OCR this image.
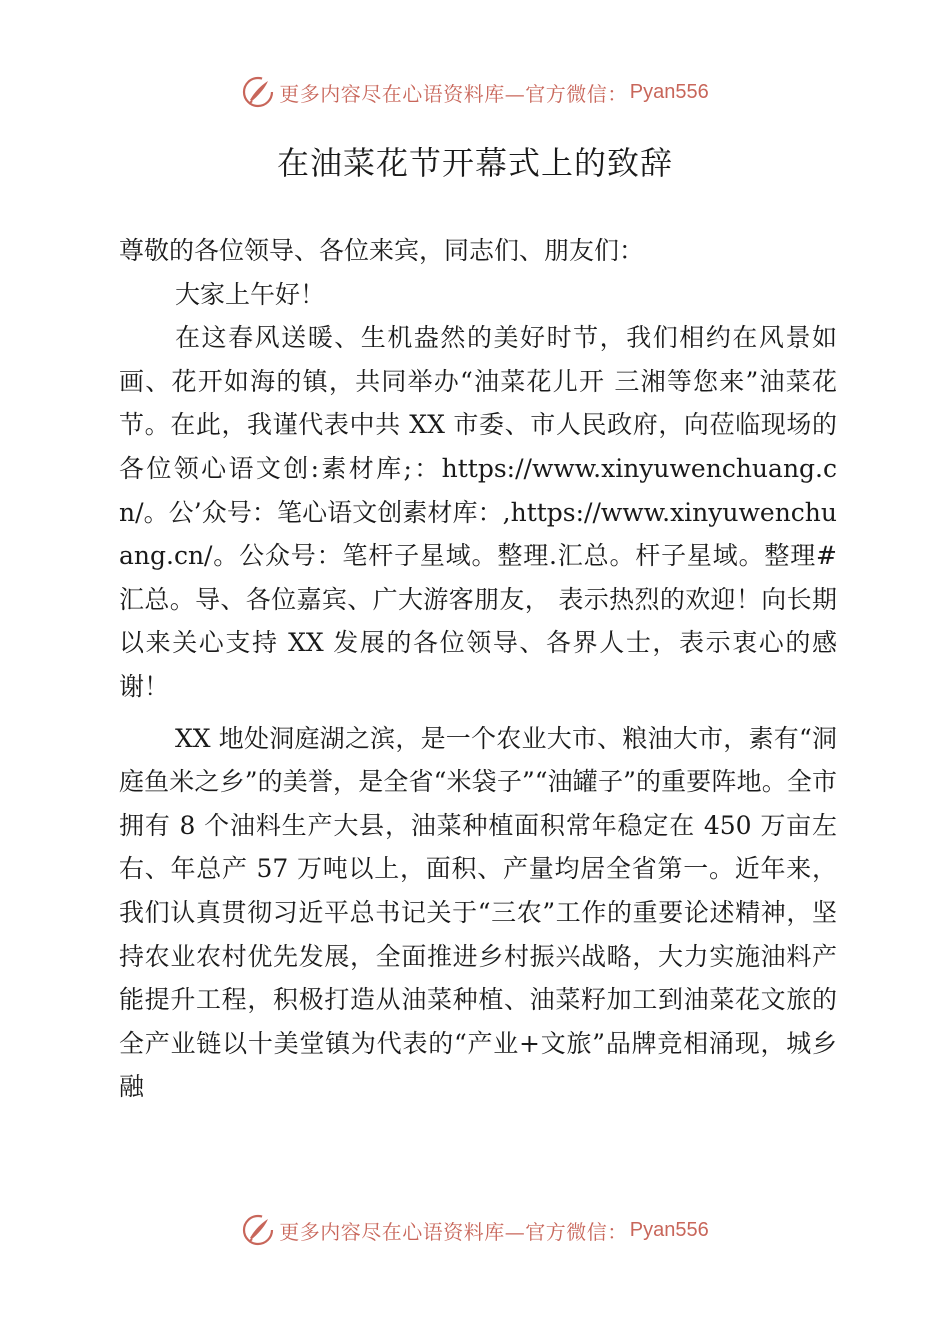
更多内容尽在心语资料库—官方微信： Pyan556
在油菜花节开幕式上的致辞

尊敬的各位领导、各位来宾，同志们、朋友们：

大家上午好！

在这春风送暖、生机盎然的美好时节，我们相约在风景如画、花开如海的镇，共同举办“油菜花儿开 三湘等您来”油菜花节。在此，我谨代表中共 XX 市委、市人民政府，向莅临现场的各位领心语文创:素材库;：https://www.xinyuwenchuang.cn/。公’众号：笔心语文创素材库：,https://www.xinyuwenchuang.cn/。公众号：笔杆子星域。整理.汇总。杆子星域。整理#汇总。导、各位嘉宾、广大游客朋友， 表示热烈的欢迎！向长期以来关心支持 XX 发展的各位领导、各界人士，表示衷心的感谢！

XX 地处洞庭湖之滨，是一个农业大市、粮油大市，素有“洞庭鱼米之乡”的美誉，是全省“米袋子”“油罐子”的重要阵地。全市拥有 8 个油料生产大县，油菜种植面积常年稳定在 450 万亩左右、年总产 57 万吨以上，面积、产量均居全省第一。近年来，我们认真贯彻习近平总书记关于“三农”工作的重要论述精神，坚持农业农村优先发展，全面推进乡村振兴战略，大力实施油料产能提升工程，积极打造从油菜种植、油菜籽加工到油菜花文旅的全产业链以十美堂镇为代表的“产业+文旅”品牌竞相涌现，城乡融

更多内容尽在心语资料库—官方微信： Pyan556
